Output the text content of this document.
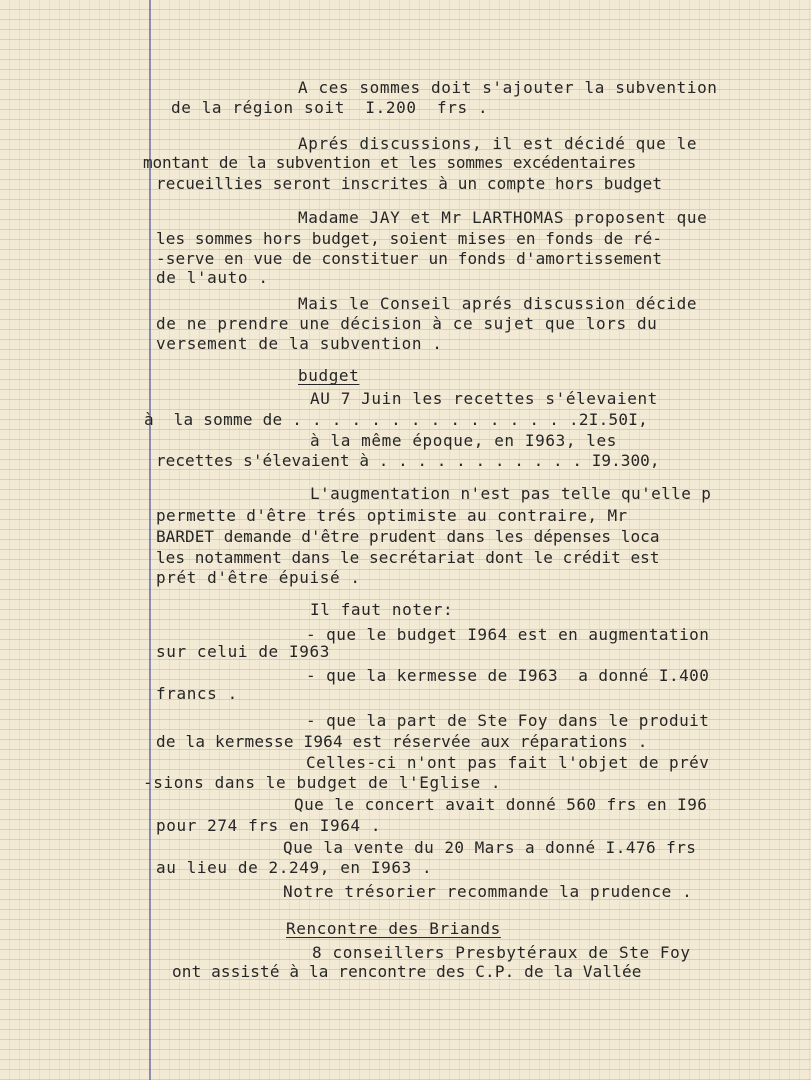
A ces sommes doit s'ajouter la subvention
de la région soit  I.200  frs .
Aprés discussions, il est décidé que le
montant de la subvention et les sommes excédentaires
recueillies seront inscrites à un compte hors budget
Madame JAY et Mr LARTHOMAS proposent que
les sommes hors budget, soient mises en fonds de ré-
-serve en vue de constituer un fonds d'amortissement
de l'auto .
Mais le Conseil aprés discussion décide
de ne prendre une décision à ce sujet que lors du
versement de la subvention .
budget
AU 7 Juin les recettes s'élevaient
à  la somme de . . . . . . . . . . . . . . .2I.50I,
à la même époque, en I963, les
recettes s'élevaient à . . . . . . . . . . . I9.300,
L'augmentation n'est pas telle qu'elle p
permette d'être trés optimiste au contraire, Mr
BARDET demande d'être prudent dans les dépenses loca
les notamment dans le secrétariat dont le crédit est
prét d'être épuisé .
Il faut noter:
- que le budget I964 est en augmentation
sur celui de I963
- que la kermesse de I963  a donné I.400
francs .
- que la part de Ste Foy dans le produit
de la kermesse I964 est réservée aux réparations .
Celles-ci n'ont pas fait l'objet de prév
-sions dans le budget de l'Eglise .
Que le concert avait donné 560 frs en I96
pour 274 frs en I964 .
Que la vente du 20 Mars a donné I.476 frs
au lieu de 2.249, en I963 .
Notre trésorier recommande la prudence .
Rencontre des Briands
8 conseillers Presbytéraux de Ste Foy
ont assisté à la rencontre des C.P. de la Vallée
